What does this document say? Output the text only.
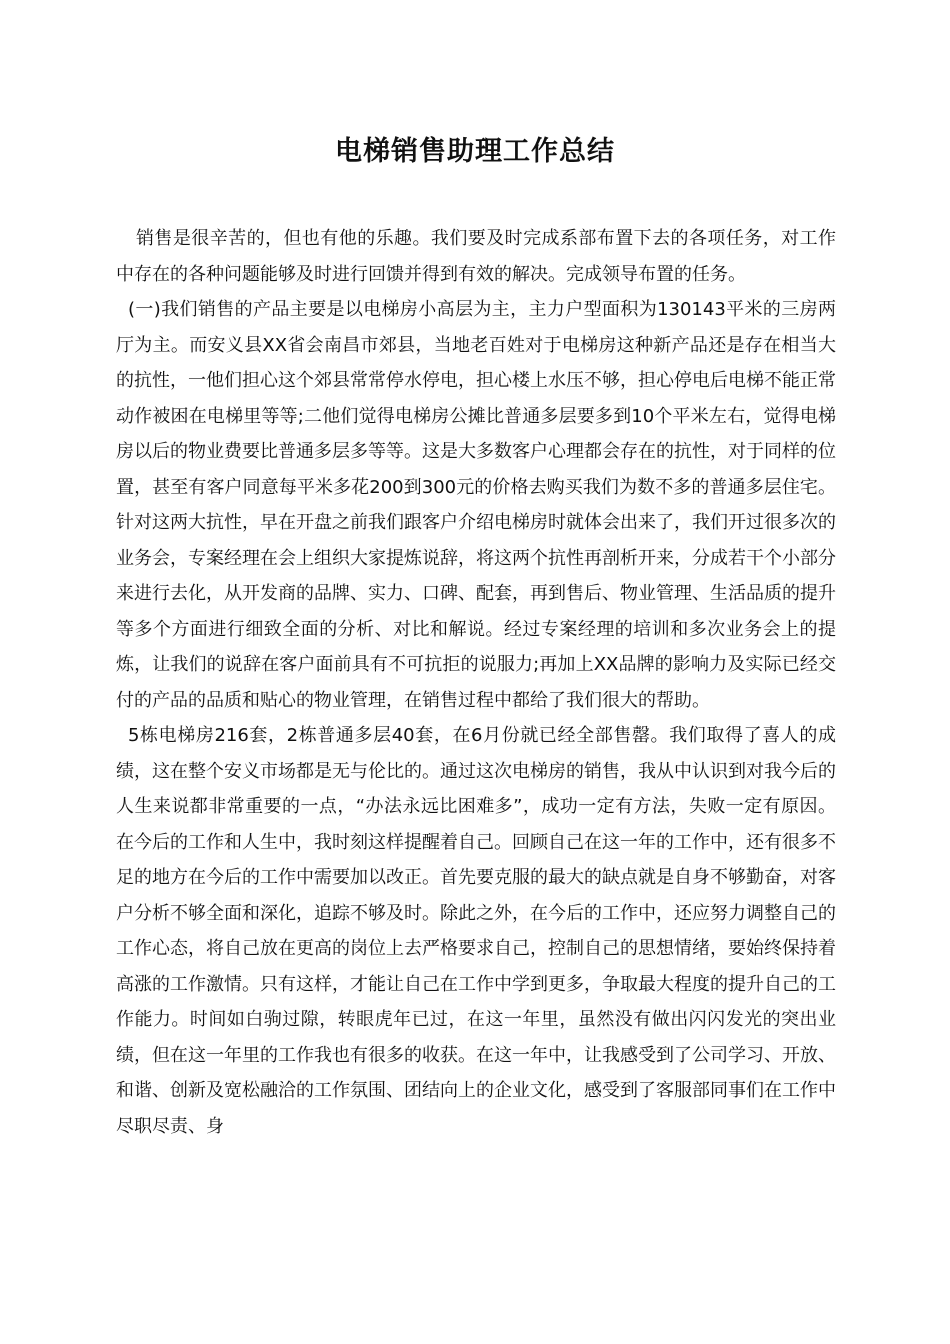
电梯销售助理工作总结

销售是很辛苦的，但也有他的乐趣。我们要及时完成系部布置下去的各项任务，对工作中存在的各种问题能够及时进行回馈并得到有效的解决。完成领导布置的任务。

(一)我们销售的产品主要是以电梯房小高层为主，主力户型面积为130143平米的三房两厅为主。而安义县XX省会南昌市郊县，当地老百姓对于电梯房这种新产品还是存在相当大的抗性，一他们担心这个郊县常常停水停电，担心楼上水压不够，担心停电后电梯不能正常动作被困在电梯里等等;二他们觉得电梯房公摊比普通多层要多到10个平米左右，觉得电梯房以后的物业费要比普通多层多等等。这是大多数客户心理都会存在的抗性，对于同样的位置，甚至有客户同意每平米多花200到300元的价格去购买我们为数不多的普通多层住宅。针对这两大抗性，早在开盘之前我们跟客户介绍电梯房时就体会出来了，我们开过很多次的业务会，专案经理在会上组织大家提炼说辞，将这两个抗性再剖析开来，分成若干个小部分来进行去化，从开发商的品牌、实力、口碑、配套，再到售后、物业管理、生活品质的提升等多个方面进行细致全面的分析、对比和解说。经过专案经理的培训和多次业务会上的提炼，让我们的说辞在客户面前具有不可抗拒的说服力;再加上XX品牌的影响力及实际已经交付的产品的品质和贴心的物业管理，在销售过程中都给了我们很大的帮助。

5栋电梯房216套，2栋普通多层40套，在6月份就已经全部售罄。我们取得了喜人的成绩，这在整个安义市场都是无与伦比的。通过这次电梯房的销售，我从中认识到对我今后的人生来说都非常重要的一点，“办法永远比困难多”，成功一定有方法，失败一定有原因。在今后的工作和人生中，我时刻这样提醒着自己。回顾自己在这一年的工作中，还有很多不足的地方在今后的工作中需要加以改正。首先要克服的最大的缺点就是自身不够勤奋，对客户分析不够全面和深化，追踪不够及时。除此之外，在今后的工作中，还应努力调整自己的工作心态，将自己放在更高的岗位上去严格要求自己，控制自己的思想情绪，要始终保持着高涨的工作激情。只有这样，才能让自己在工作中学到更多，争取最大程度的提升自己的工作能力。时间如白驹过隙，转眼虎年已过，在这一年里，虽然没有做出闪闪发光的突出业绩，但在这一年里的工作我也有很多的收获。在这一年中，让我感受到了公司学习、开放、和谐、创新及宽松融洽的工作氛围、团结向上的企业文化，感受到了客服部同事们在工作中尽职尽责、身
